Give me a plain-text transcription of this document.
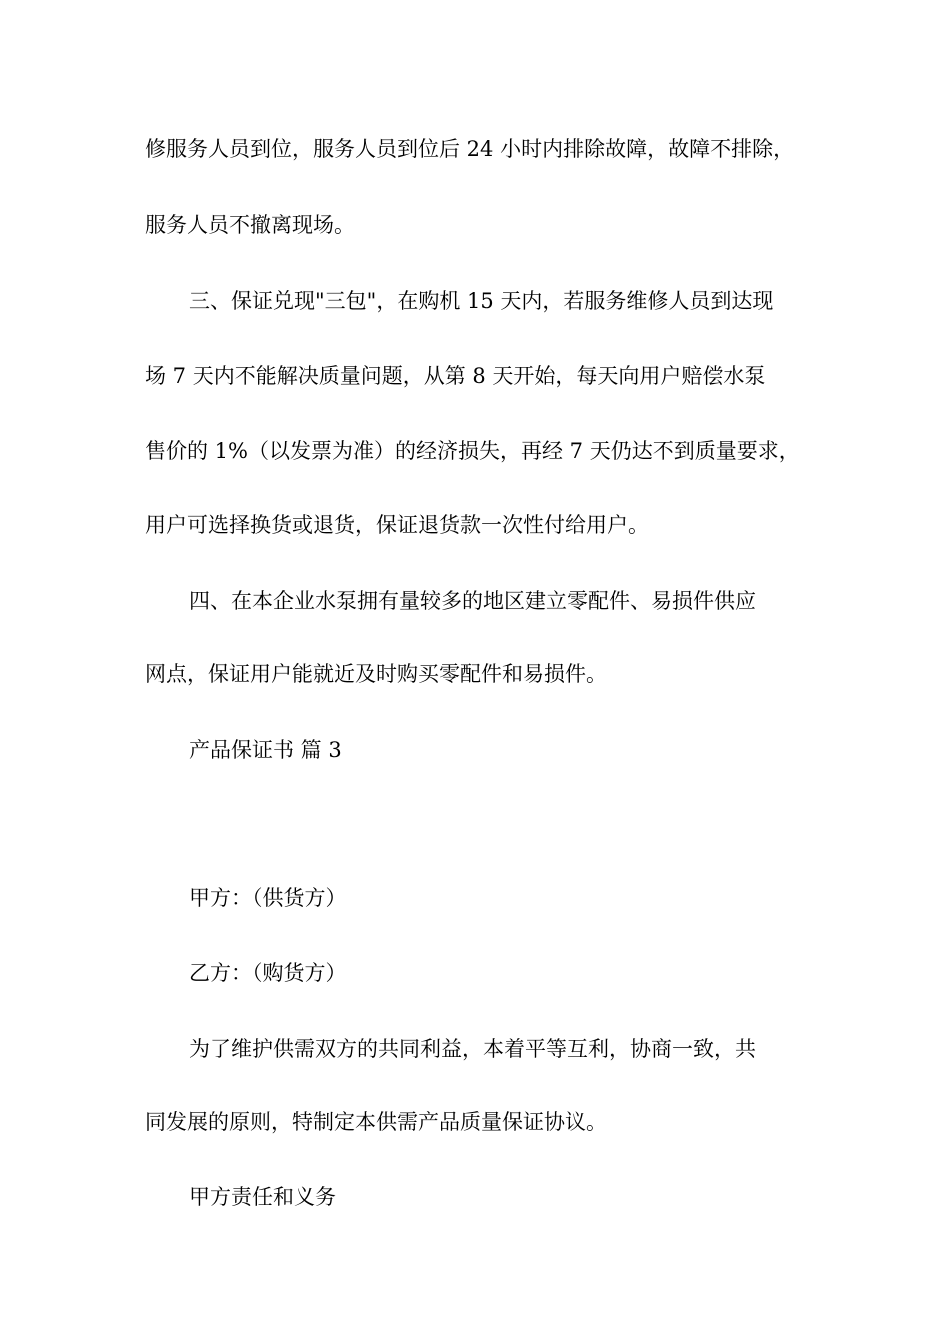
修服务人员到位，服务人员到位后 24 小时内排除故障，故障不排除，
服务人员不撤离现场。
三、保证兑现"三包"，在购机 15 天内，若服务维修人员到达现
场 7 天内不能解决质量问题，从第 8 天开始，每天向用户赔偿水泵
售价的 1%（以发票为准）的经济损失，再经 7 天仍达不到质量要求，
用户可选择换货或退货，保证退货款一次性付给用户。
四、在本企业水泵拥有量较多的地区建立零配件、易损件供应
网点，保证用户能就近及时购买零配件和易损件。
产品保证书 篇 3
甲方：（供货方）
乙方：（购货方）
为了维护供需双方的共同利益，本着平等互利，协商一致，共
同发展的原则，特制定本供需产品质量保证协议。
甲方责任和义务
